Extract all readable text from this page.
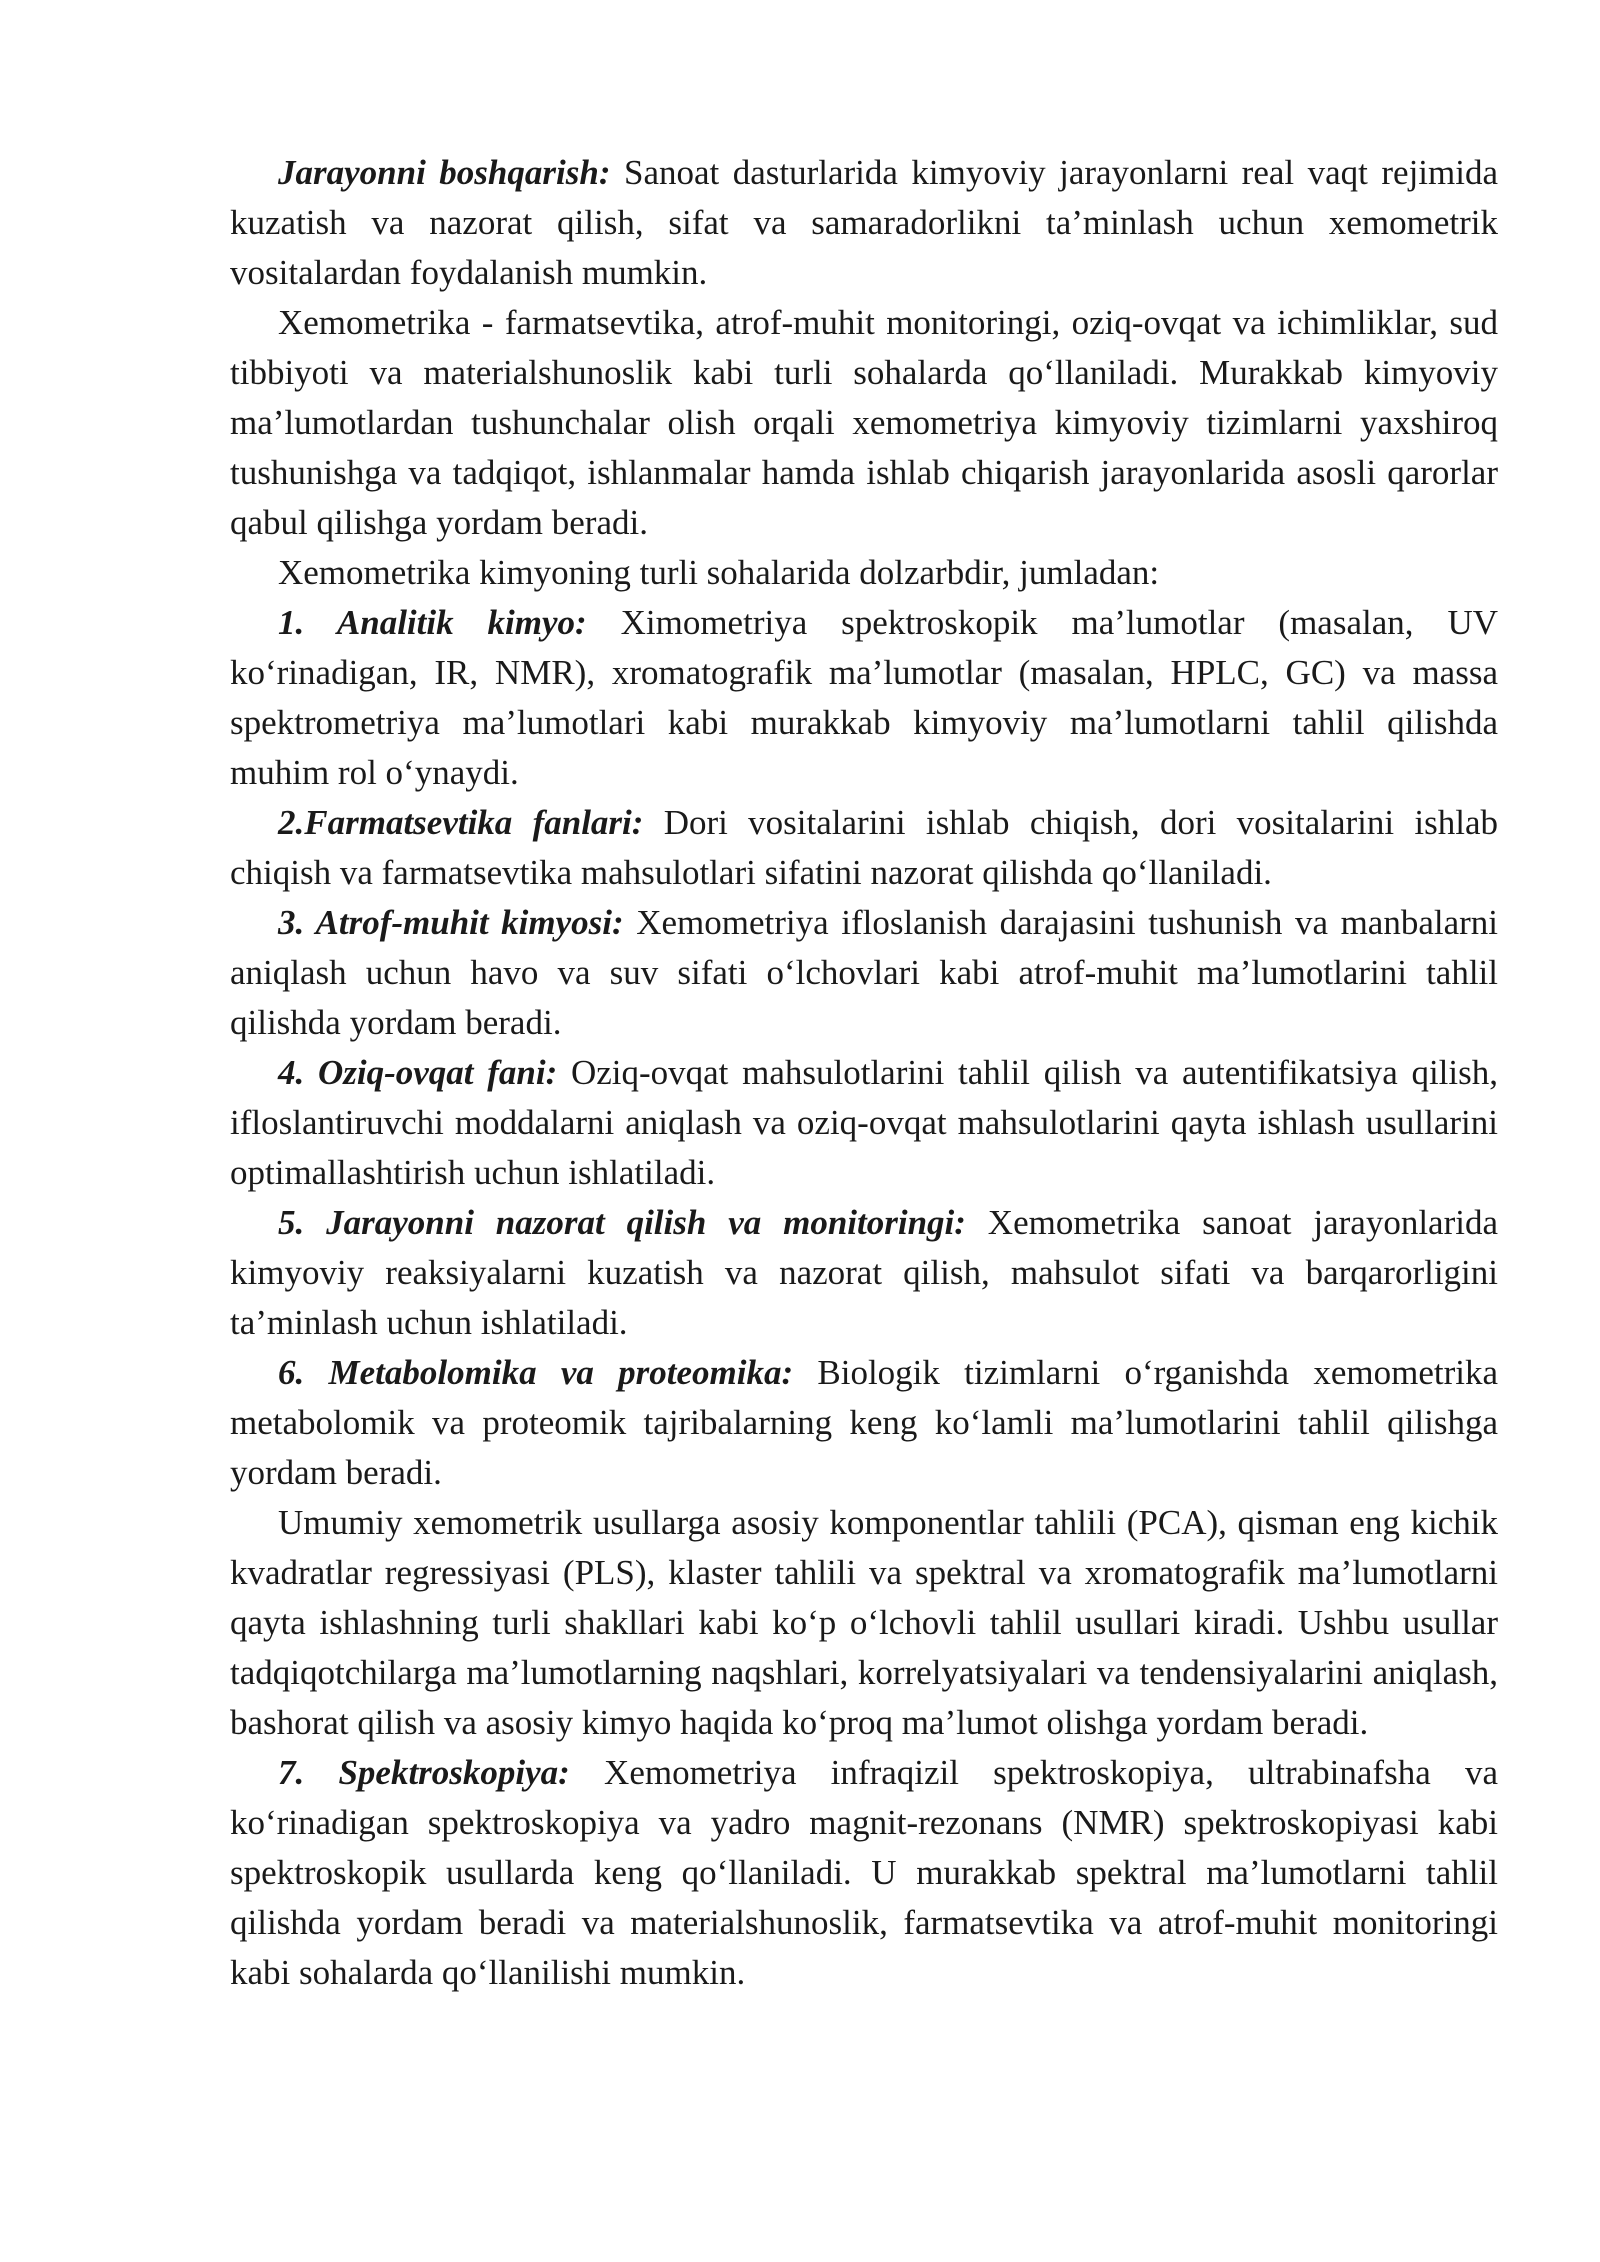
Jarayonni boshqarish: Sanoat dasturlarida kimyoviy jarayonlarni real vaqt rejimida kuzatish va nazorat qilish, sifat va samaradorlikni ta’minlash uchun xemometrik vositalardan foydalanish mumkin.

Xemometrika - farmatsevtika, atrof-muhit monitoringi, oziq-ovqat va ichimliklar, sud tibbiyoti va materialshunoslik kabi turli sohalarda qo‘llaniladi. Murakkab kimyoviy ma’lumotlardan tushunchalar olish orqali xemometriya kimyoviy tizimlarni yaxshiroq tushunishga va tadqiqot, ishlanmalar hamda ishlab chiqarish jarayonlarida asosli qarorlar qabul qilishga yordam beradi.

Xemometrika kimyoning turli sohalarida dolzarbdir, jumladan:

1. Analitik kimyo: Ximometriya spektroskopik ma’lumotlar (masalan, UV ko‘rinadigan, IR, NMR), xromatografik ma’lumotlar (masalan, HPLC, GC) va massa spektrometriya ma’lumotlari kabi murakkab kimyoviy ma’lumotlarni tahlil qilishda muhim rol o‘ynaydi.

2.Farmatsevtika fanlari: Dori vositalarini ishlab chiqish, dori vositalarini ishlab chiqish va farmatsevtika mahsulotlari sifatini nazorat qilishda qo‘llaniladi.

3. Atrof-muhit kimyosi: Xemometriya ifloslanish darajasini tushunish va manbalarni aniqlash uchun havo va suv sifati o‘lchovlari kabi atrof-muhit ma’lumotlarini tahlil qilishda yordam beradi.

4. Oziq-ovqat fani: Oziq-ovqat mahsulotlarini tahlil qilish va autentifikatsiya qilish, ifloslantiruvchi moddalarni aniqlash va oziq-ovqat mahsulotlarini qayta ishlash usullarini optimallashtirish uchun ishlatiladi.

5. Jarayonni nazorat qilish va monitoringi: Xemometrika sanoat jarayonlarida kimyoviy reaksiyalarni kuzatish va nazorat qilish, mahsulot sifati va barqarorligini ta’minlash uchun ishlatiladi.

6. Metabolomika va proteomika: Biologik tizimlarni o‘rganishda xemometrika metabolomik va proteomik tajribalarning keng ko‘lamli ma’lumotlarini tahlil qilishga yordam beradi.

Umumiy xemometrik usullarga asosiy komponentlar tahlili (PCA), qisman eng kichik kvadratlar regressiyasi (PLS), klaster tahlili va spektral va xromatografik ma’lumotlarni qayta ishlashning turli shakllari kabi ko‘p o‘lchovli tahlil usullari kiradi. Ushbu usullar tadqiqotchilarga ma’lumotlarning naqshlari, korrelyatsiyalari va tendensiyalarini aniqlash, bashorat qilish va asosiy kimyo haqida ko‘proq ma’lumot olishga yordam beradi.

7. Spektroskopiya: Xemometriya infraqizil spektroskopiya, ultrabinafsha va ko‘rinadigan spektroskopiya va yadro magnit-rezonans (NMR) spektroskopiyasi kabi spektroskopik usullarda keng qo‘llaniladi. U murakkab spektral ma’lumotlarni tahlil qilishda yordam beradi va materialshunoslik, farmatsevtika va atrof-muhit monitoringi kabi sohalarda qo‘llanilishi mumkin.
